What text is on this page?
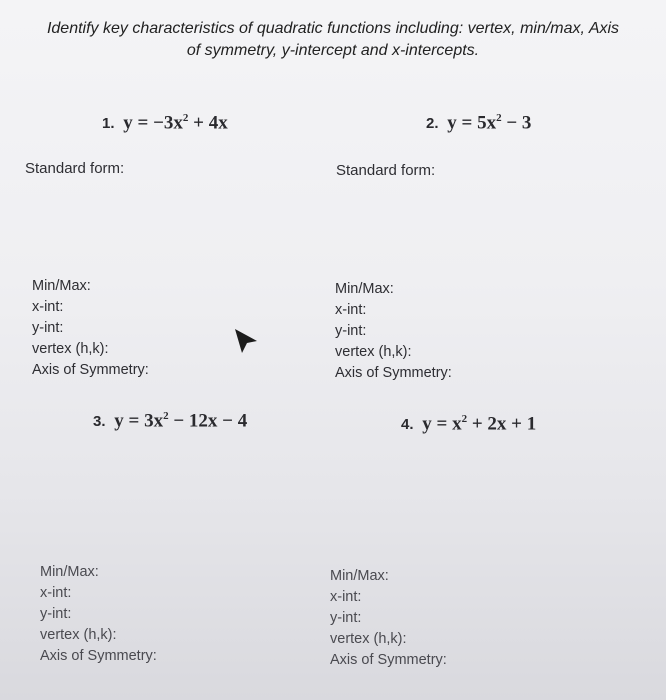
Identify key characteristics of quadratic functions including: vertex, min/max, Axis
of symmetry, y-intercept and x-intercepts.
1. $y = -3x^2 + 4x$	2. $y = 5x^2 - 3$
Standard form:	Standard form:
Min/Max:
x-int:
y-int:
vertex (h,k):
Axis of Symmetry:
Min/Max:
x-int:
y-int:
vertex (h,k):
Axis of Symmetry:
3. $y = 3x^2 - 12x - 4$	4. $y = x^2 + 2x + 1$
Min/Max:
x-int:
y-int:
vertex (h,k):
Axis of Symmetry:
Min/Max:
x-int:
y-int:
vertex (h,k):
Axis of Symmetry:
